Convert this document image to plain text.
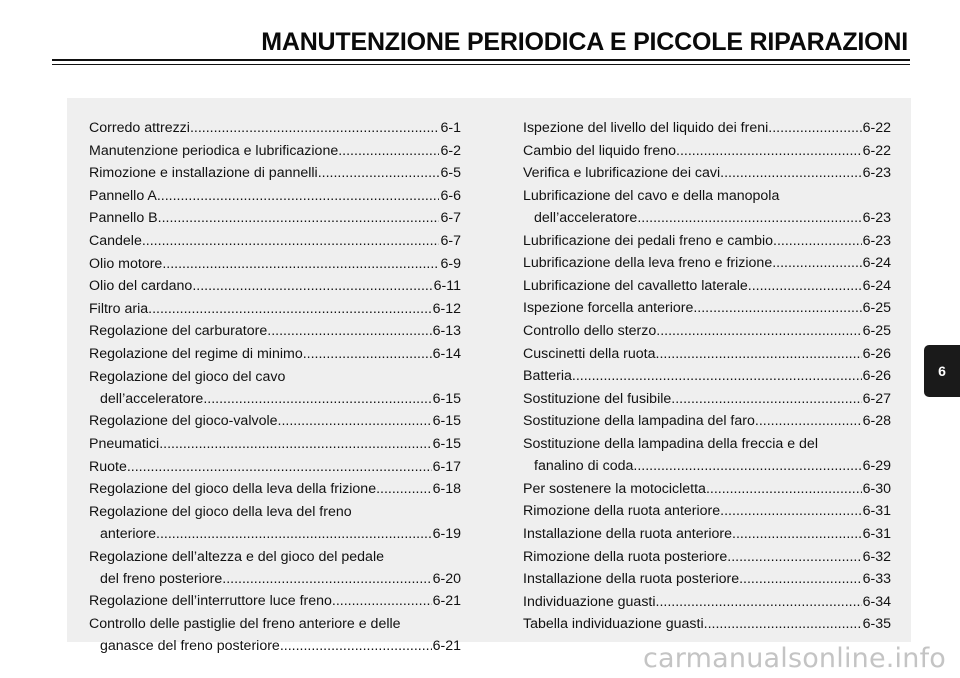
MANUTENZIONE PERIODICA E PICCOLE RIPARAZIONI
Corredo attrezzi .....	6-1
Manutenzione periodica e lubrificazione .....	6-2
Rimozione e installazione di pannelli .....	6-5
Pannello A .....	6-6
Pannello B .....	6-7
Candele .....	6-7
Olio motore .....	6-9
Olio del cardano .....	6-11
Filtro aria .....	6-12
Regolazione del carburatore .....	6-13
Regolazione del regime di minimo .....	6-14
Regolazione del gioco del cavo
dell’acceleratore .....	6-15
Regolazione del gioco-valvole .....	6-15
Pneumatici .....	6-15
Ruote .....	6-17
Regolazione del gioco della leva della frizione .....	6-18
Regolazione del gioco della leva del freno
anteriore .....	6-19
Regolazione dell’altezza e del gioco del pedale
del freno posteriore .....	6-20
Regolazione dell’interruttore luce freno .....	6-21
Controllo delle pastiglie del freno anteriore e delle
ganasce del freno posteriore .....	6-21
Ispezione del livello del liquido dei freni .....	6-22
Cambio del liquido freno .....	6-22
Verifica e lubrificazione dei cavi .....	6-23
Lubrificazione del cavo e della manopola
dell’acceleratore .....	6-23
Lubrificazione dei pedali freno e cambio .....	6-23
Lubrificazione della leva freno e frizione .....	6-24
Lubrificazione del cavalletto laterale .....	6-24
Ispezione forcella anteriore .....	6-25
Controllo dello sterzo .....	6-25
Cuscinetti della ruota .....	6-26
Batteria .....	6-26
Sostituzione del fusibile .....	6-27
Sostituzione della lampadina del faro .....	6-28
Sostituzione della lampadina della freccia e del
fanalino di coda .....	6-29
Per sostenere la motocicletta .....	6-30
Rimozione della ruota anteriore .....	6-31
Installazione della ruota anteriore .....	6-31
Rimozione della ruota posteriore .....	6-32
Installazione della ruota posteriore .....	6-33
Individuazione guasti .....	6-34
Tabella individuazione guasti .....	6-35
6
carmanualsonline.info
